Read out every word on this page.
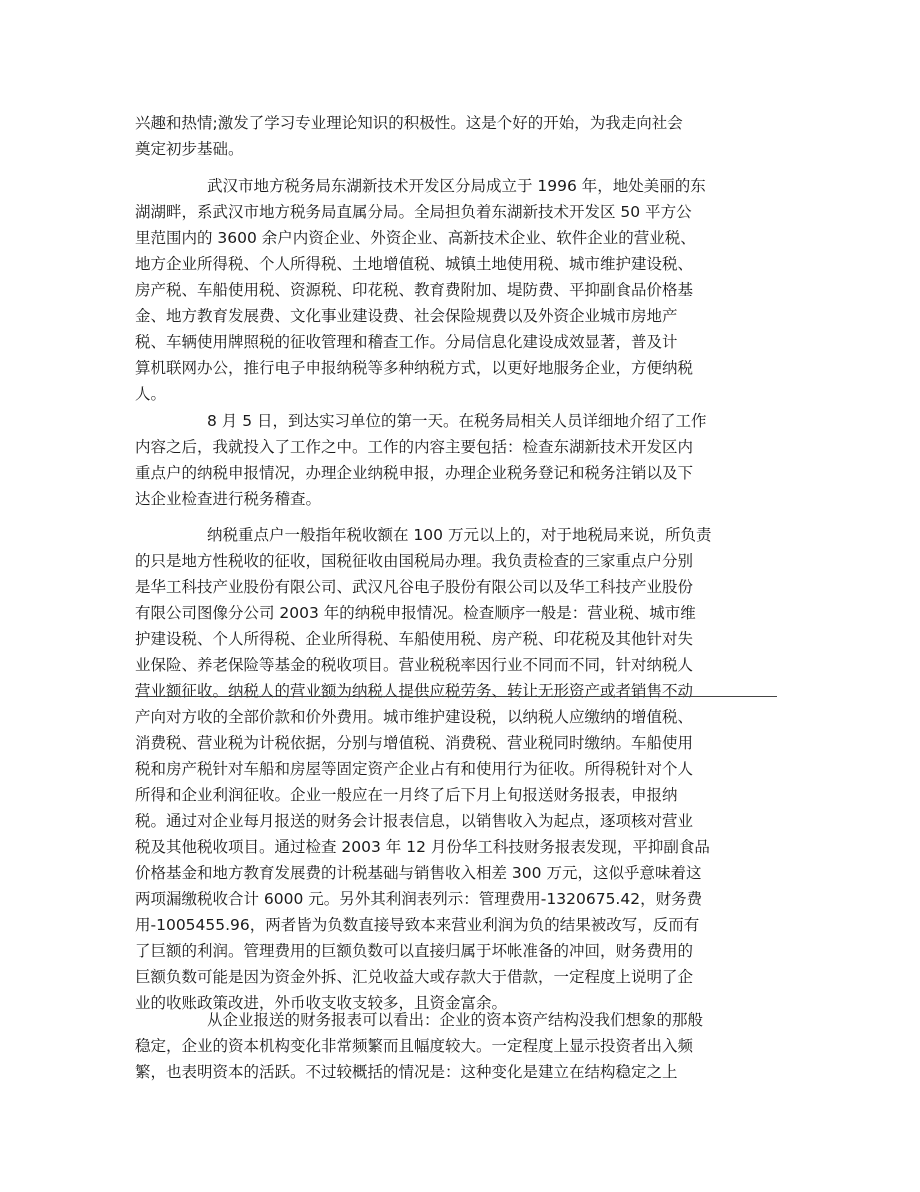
兴趣和热情;激发了学习专业理论知识的积极性。这是个好的开始，为我走向社会
奠定初步基础。
武汉市地方税务局东湖新技术开发区分局成立于 1996 年，地处美丽的东
湖湖畔，系武汉市地方税务局直属分局。全局担负着东湖新技术开发区 50 平方公
里范围内的 3600 余户内资企业、外资企业、高新技术企业、软件企业的营业税、
地方企业所得税、个人所得税、土地增值税、城镇土地使用税、城市维护建设税、
房产税、车船使用税、资源税、印花税、教育费附加、堤防费、平抑副食品价格基
金、地方教育发展费、文化事业建设费、社会保险规费以及外资企业城市房地产
税、车辆使用牌照税的征收管理和稽查工作。分局信息化建设成效显著，普及计
算机联网办公，推行电子申报纳税等多种纳税方式，以更好地服务企业，方便纳税
人。
8 月 5 日，到达实习单位的第一天。在税务局相关人员详细地介绍了工作
内容之后，我就投入了工作之中。工作的内容主要包括：检查东湖新技术开发区内
重点户的纳税申报情况，办理企业纳税申报，办理企业税务登记和税务注销以及下
达企业检查进行税务稽查。
纳税重点户一般指年税收额在 100 万元以上的，对于地税局来说，所负责
的只是地方性税收的征收，国税征收由国税局办理。我负责检查的三家重点户分别
是华工科技产业股份有限公司、武汉凡谷电子股份有限公司以及华工科技产业股份
有限公司图像分公司 2003 年的纳税申报情况。检查顺序一般是：营业税、城市维
护建设税、个人所得税、企业所得税、车船使用税、房产税、印花税及其他针对失
业保险、养老保险等基金的税收项目。营业税税率因行业不同而不同，针对纳税人
营业额征收。纳税人的营业额为纳税人提供应税劳务、转让无形资产或者销售不动
产向对方收的全部价款和价外费用。城市维护建设税，以纳税人应缴纳的增值税、
消费税、营业税为计税依据，分别与增值税、消费税、营业税同时缴纳。车船使用
税和房产税针对车船和房屋等固定资产企业占有和使用行为征收。所得税针对个人
所得和企业利润征收。企业一般应在一月终了后下月上旬报送财务报表，申报纳
税。通过对企业每月报送的财务会计报表信息，以销售收入为起点，逐项核对营业
税及其他税收项目。通过检查 2003 年 12 月份华工科技财务报表发现，平抑副食品
价格基金和地方教育发展费的计税基础与销售收入相差 300 万元，这似乎意味着这
两项漏缴税收合计 6000 元。另外其利润表列示：管理费用-1320675.42，财务费
用-1005455.96，两者皆为负数直接导致本来营业利润为负的结果被改写，反而有
了巨额的利润。管理费用的巨额负数可以直接归属于坏帐准备的冲回，财务费用的
巨额负数可能是因为资金外拆、汇兑收益大或存款大于借款，一定程度上说明了企
业的收账政策改进，外币收支收支较多，且资金富余。
从企业报送的财务报表可以看出：企业的资本资产结构没我们想象的那般
稳定，企业的资本机构变化非常频繁而且幅度较大。一定程度上显示投资者出入频
繁，也表明资本的活跃。不过较概括的情况是：这种变化是建立在结构稳定之上
